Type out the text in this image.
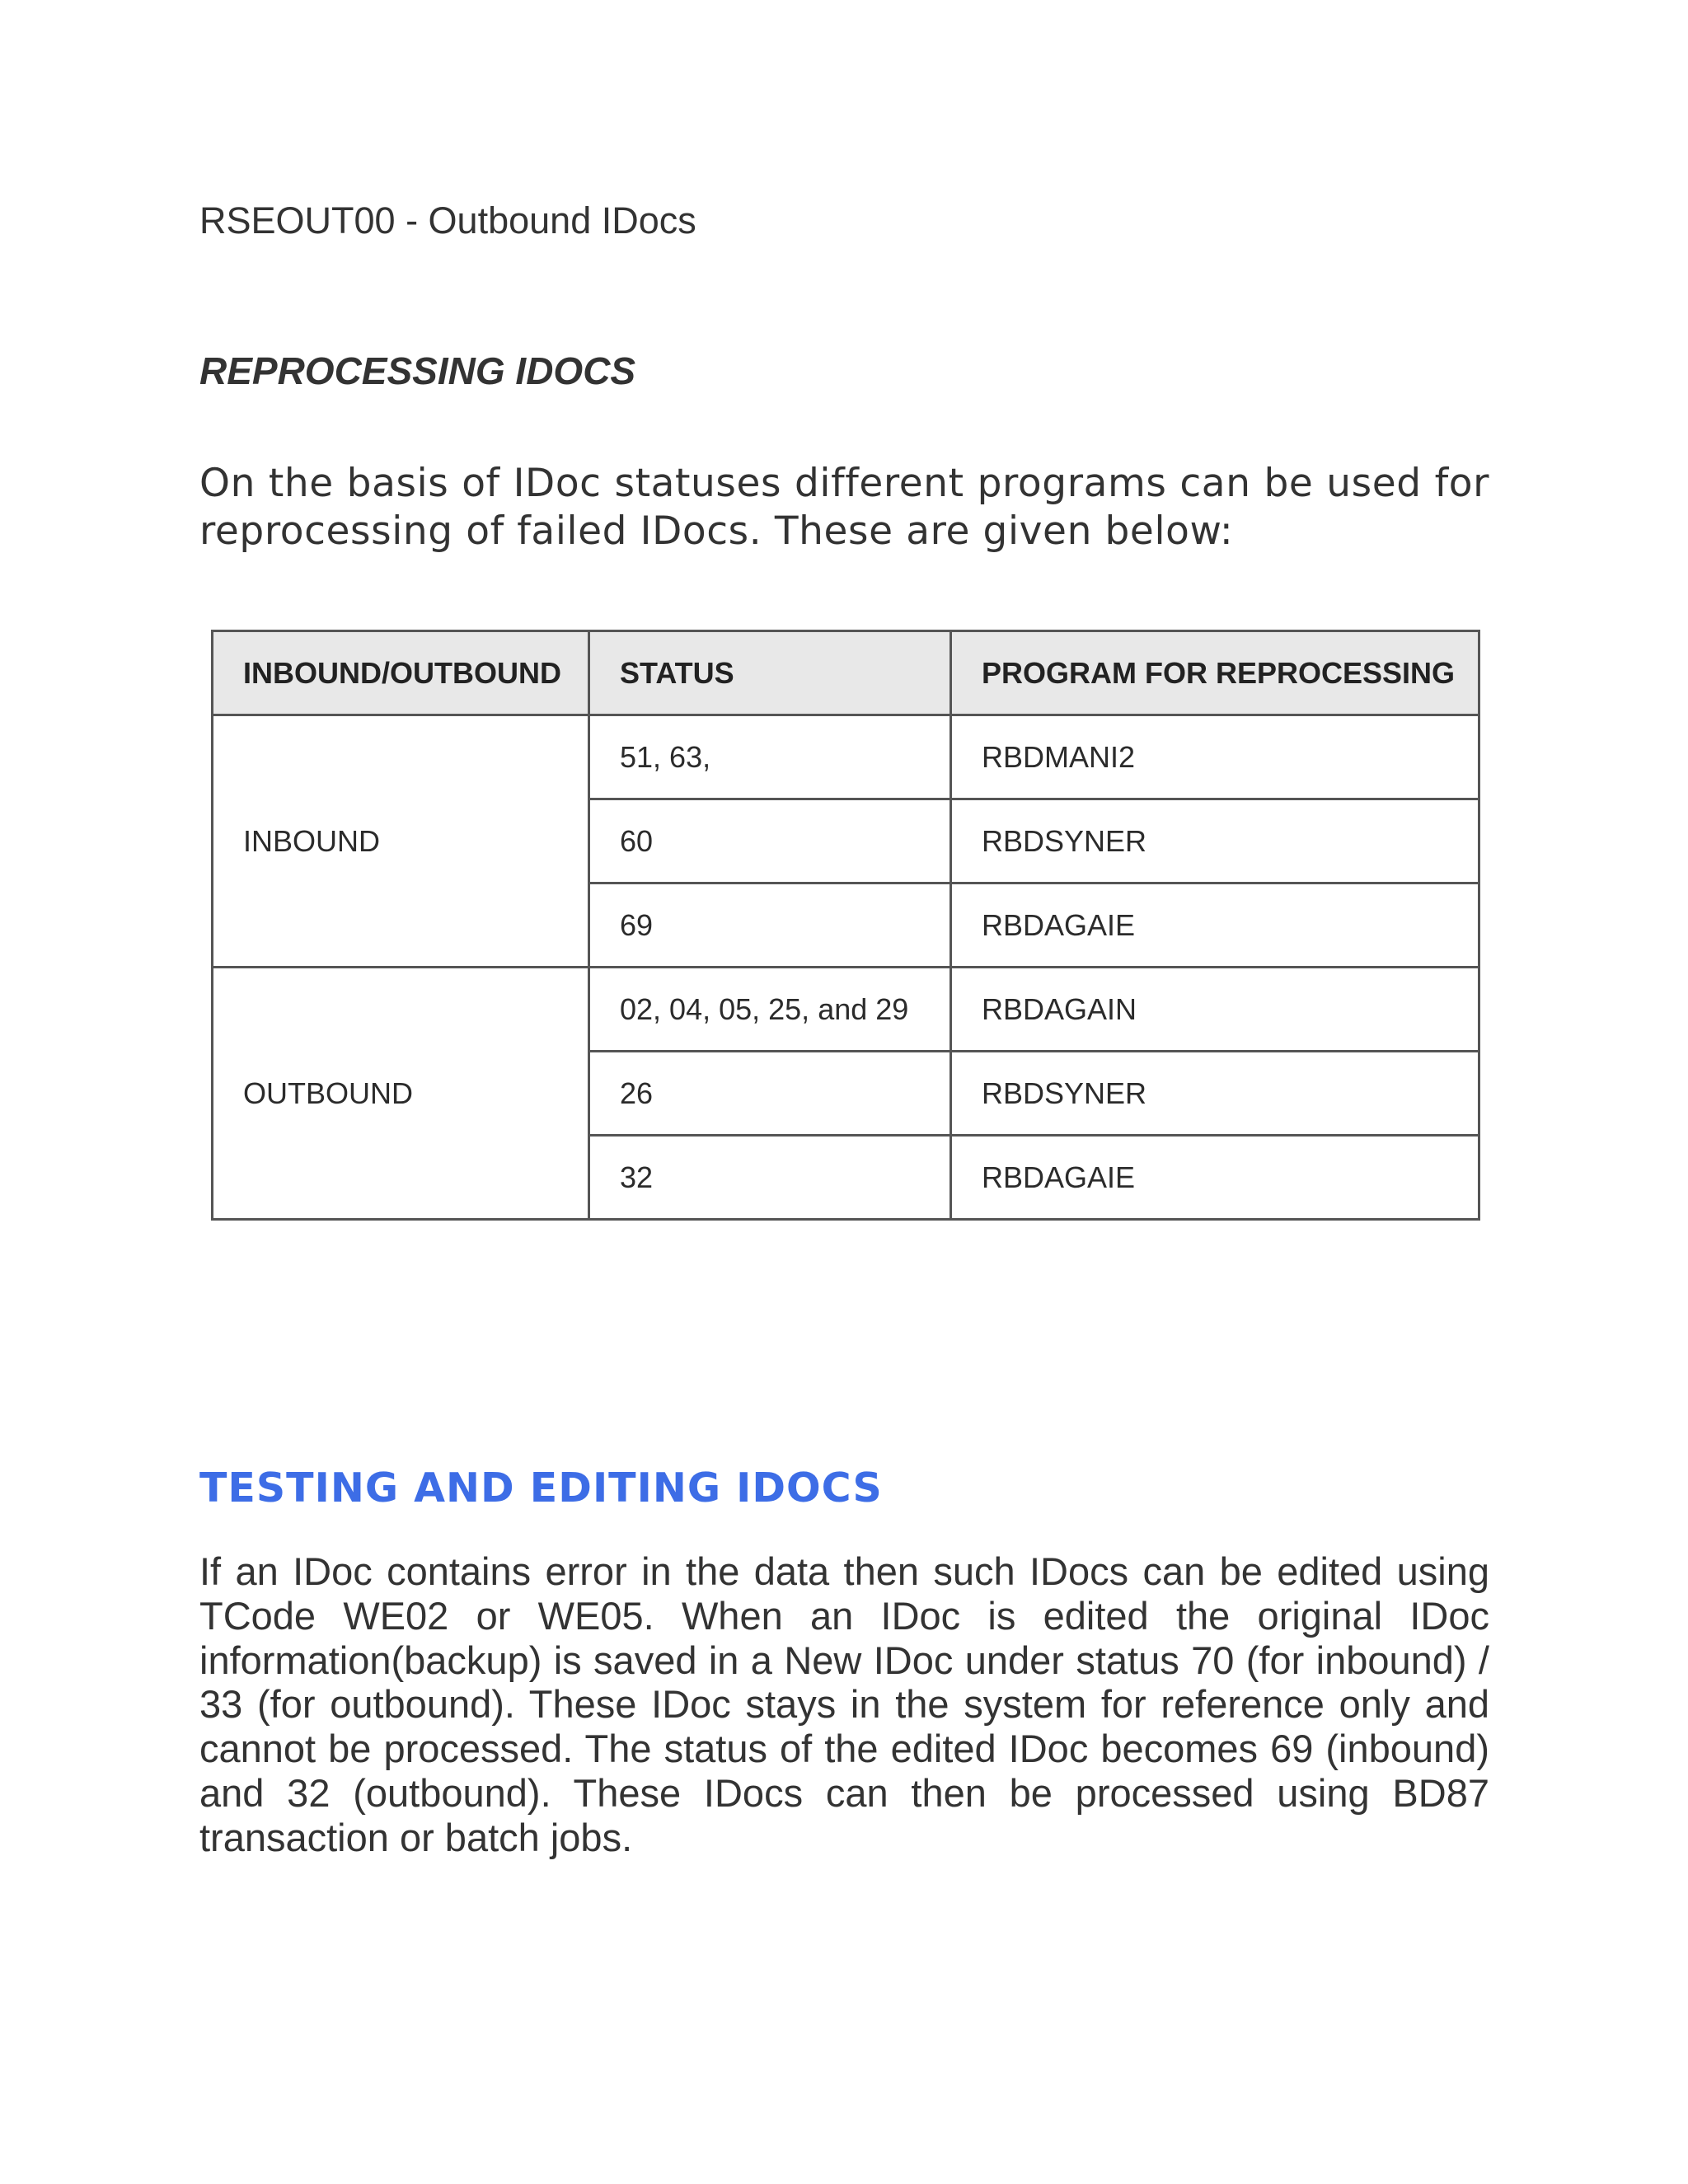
RSEOUT00 - Outbound IDocs
REPROCESSING IDOCS
On the basis of IDoc statuses different programs can be used for reprocessing of failed IDocs. These are given below:
INBOUND/OUTBOUND	STATUS	PROGRAM FOR REPROCESSING
INBOUND	51, 63,	RBDMANI2
	60	RBDSYNER
	69	RBDAGAIE
OUTBOUND	02, 04, 05, 25, and 29	RBDAGAIN
	26	RBDSYNER
	32	RBDAGAIE
TESTING AND EDITING IDOCS
If an IDoc contains error in the data then such IDocs can be edited using TCode WE02 or WE05. When an IDoc is edited the original IDoc information(backup) is saved in a New IDoc under status 70 (for inbound) / 33 (for outbound). These IDoc stays in the system for reference only and cannot be processed. The status of the edited IDoc becomes 69 (inbound) and 32 (outbound). These IDocs can then be processed using BD87 transaction or batch jobs.
